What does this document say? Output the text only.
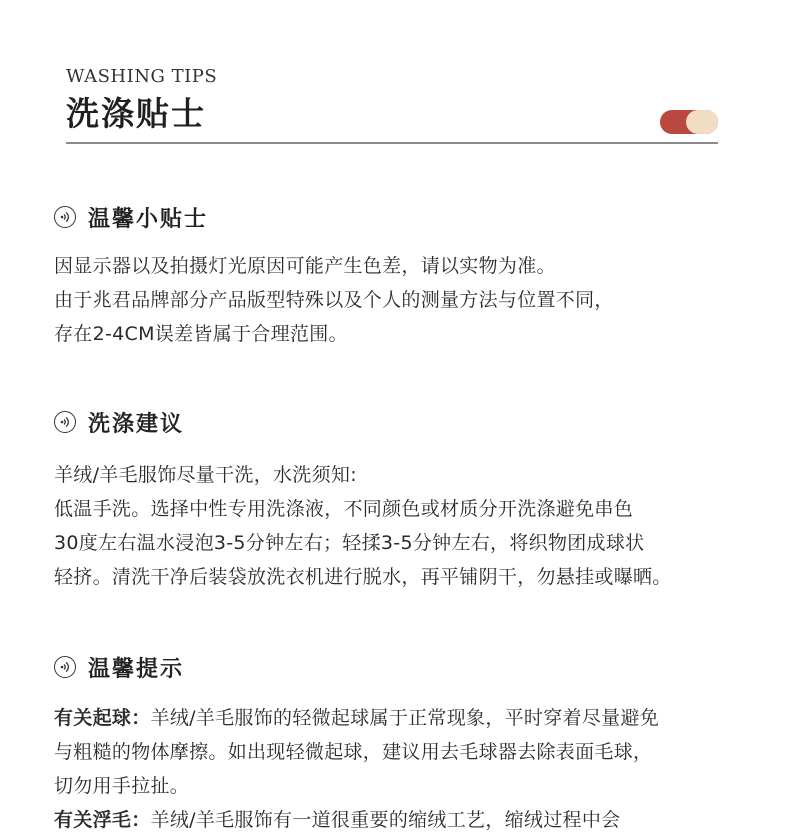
WASHING TIPS
洗涤贴士
温馨小贴士
因显示器以及拍摄灯光原因可能产生色差，请以实物为准。
由于兆君品牌部分产品版型特殊以及个人的测量方法与位置不同，
存在2-4CM误差皆属于合理范围。
洗涤建议
羊绒/羊毛服饰尽量干洗，水洗须知:
低温手洗。选择中性专用洗涤液，不同颜色或材质分开洗涤避免串色
30度左右温水浸泡3-5分钟左右；轻揉3-5分钟左右，将织物团成球状
轻挤。清洗干净后装袋放洗衣机进行脱水，再平铺阴干，勿悬挂或曝晒。
温馨提示
有关起球：羊绒/羊毛服饰的轻微起球属于正常现象，平时穿着尽量避免
与粗糙的物体摩擦。如出现轻微起球，建议用去毛球器去除表面毛球，
切勿用手拉扯。
有关浮毛：羊绒/羊毛服饰有一道很重要的缩绒工艺，缩绒过程中会
